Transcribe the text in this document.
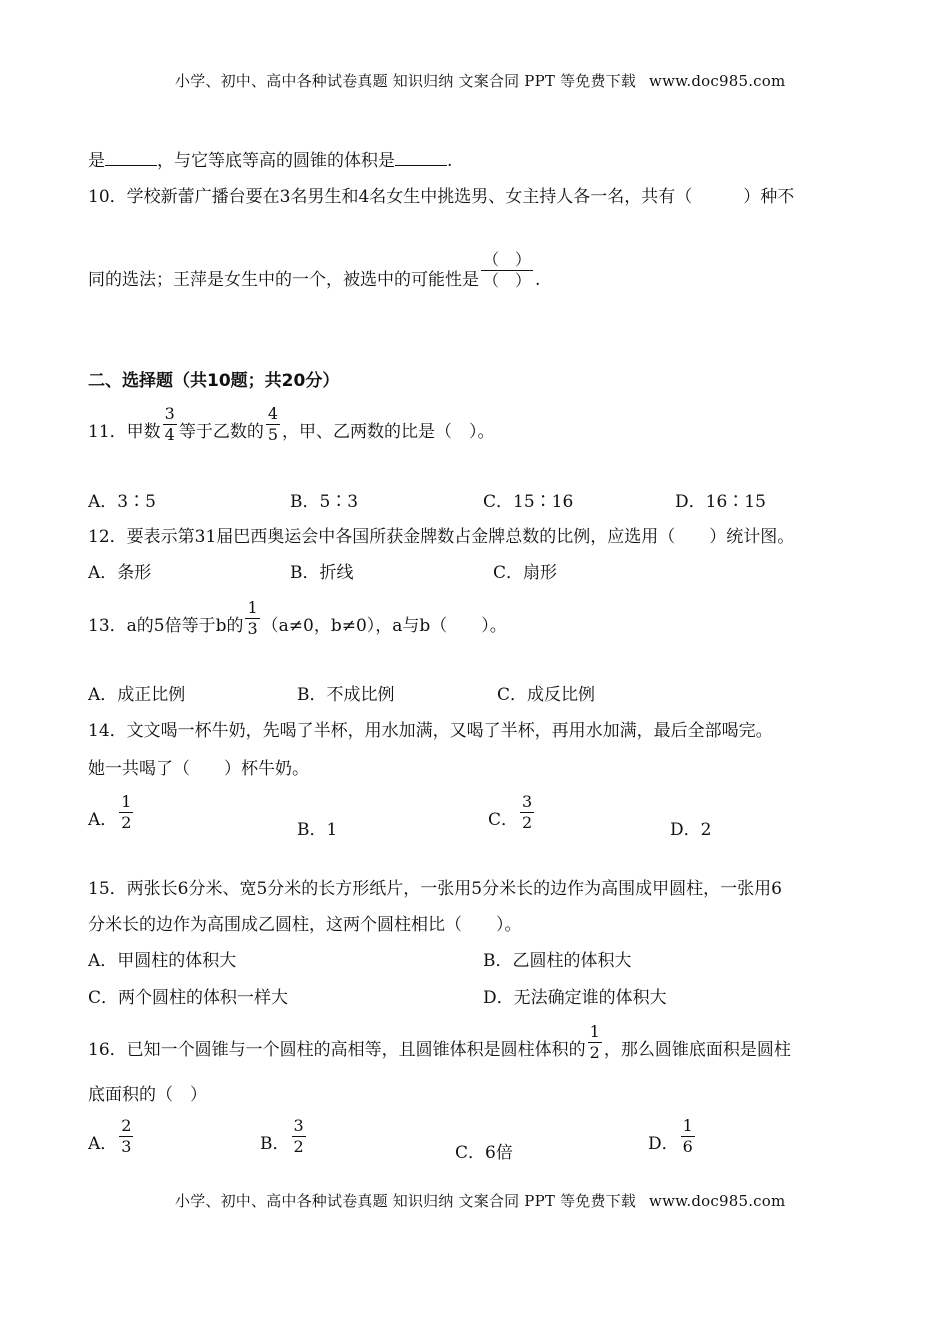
小学、初中、高中各种试卷真题 知识归纳 文案合同 PPT 等免费下载 www.doc985.com
是	，与它等底等高的圆锥的体积是	.
10．学校新蕾广播台要在3名男生和4名女生中挑选男、女主持人各一名，共有（　　　）种不
同的选法；王萍是女生中的一个，被选中的可能性是 $\frac{( )}{( )}$ .
二、选择题（共10题；共20分）
11．甲数 $\frac{3}{4}$ 等于乙数的 $\frac{4}{5}$ ，甲、乙两数的比是（　）。
A．3∶5	B．5∶3	C．15∶16	D．16∶15
12．要表示第31届巴西奥运会中各国所获金牌数占金牌总数的比例，应选用（　　）统计图。
A．条形	B．折线	C．扇形
13．a的5倍等于b的 $\frac{1}{3} (a\ne 0$，b≠0），a与b（　　）。
A．成正比例	B．不成比例	C．成反比例
14．文文喝一杯牛奶，先喝了半杯，用水加满，又喝了半杯，再用水加满，最后全部喝完。
她一共喝了（　　）杯牛奶。
A． $\frac{1}{2}$	B．1	C． $\frac{3}{2}$	D．2
15．两张长6分米、宽5分米的长方形纸片，一张用5分米长的边作为高围成甲圆柱，一张用6
分米长的边作为高围成乙圆柱，这两个圆柱相比（　　）。
A．甲圆柱的体积大	B．乙圆柱的体积大
C．两个圆柱的体积一样大	D．无法确定谁的体积大
16．已知一个圆锥与一个圆柱的高相等，且圆锥体积是圆柱体积的 $\frac{1}{2}$ ，那么圆锥底面积是圆柱
底面积的（　）
A． $\frac{2}{3}$	B． $\frac{3}{2}$	C．6倍	D． $\frac{1}{6}$
小学、初中、高中各种试卷真题 知识归纳 文案合同 PPT 等免费下载 www.doc985.com
